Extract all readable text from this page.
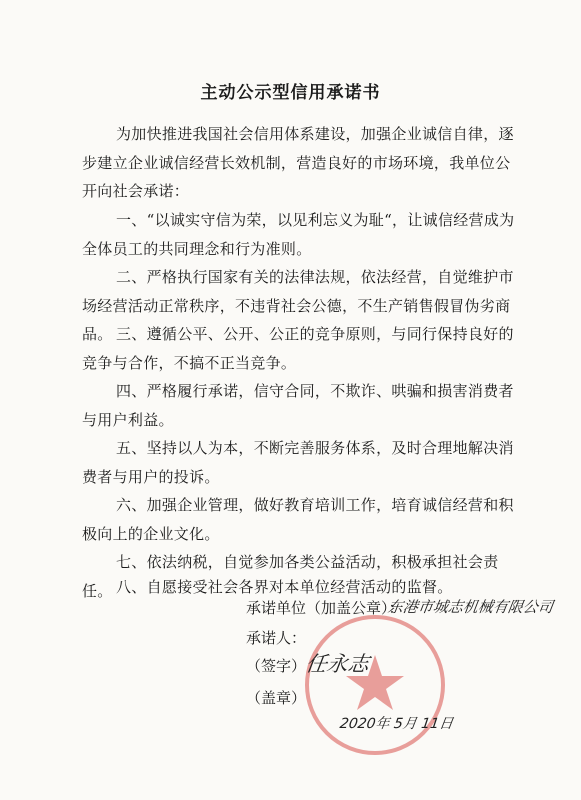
主动公示型信用承诺书
为加快推进我国社会信用体系建设，加强企业诚信自律，逐步建立企业诚信经营长效机制，营造良好的市场环境，我单位公开向社会承诺：
一、“以诚实守信为荣，以见利忘义为耻“，让诚信经营成为全体员工的共同理念和行为准则。
二、严格执行国家有关的法律法规，依法经营，自觉维护市场经营活动正常秩序，不违背社会公德，不生产销售假冒伪劣商品。 三、遵循公平、公开、公正的竞争原则，与同行保持良好的竞争与合作，不搞不正当竞争。
四、严格履行承诺，信守合同，不欺诈、哄骗和损害消费者与用户利益。
五、坚持以人为本，不断完善服务体系，及时合理地解决消费者与用户的投诉。
六、加强企业管理，做好教育培训工作，培育诚信经营和积极向上的企业文化。
七、依法纳税，自觉参加各类公益活动，积极承担社会责任。 八、自愿接受社会各界对本单位经营活动的监督。
承诺单位（加盖公章）：
东港市城志机械有限公司
承诺人：
（签字）
任永志
（盖章）
2020年 5月 11日
